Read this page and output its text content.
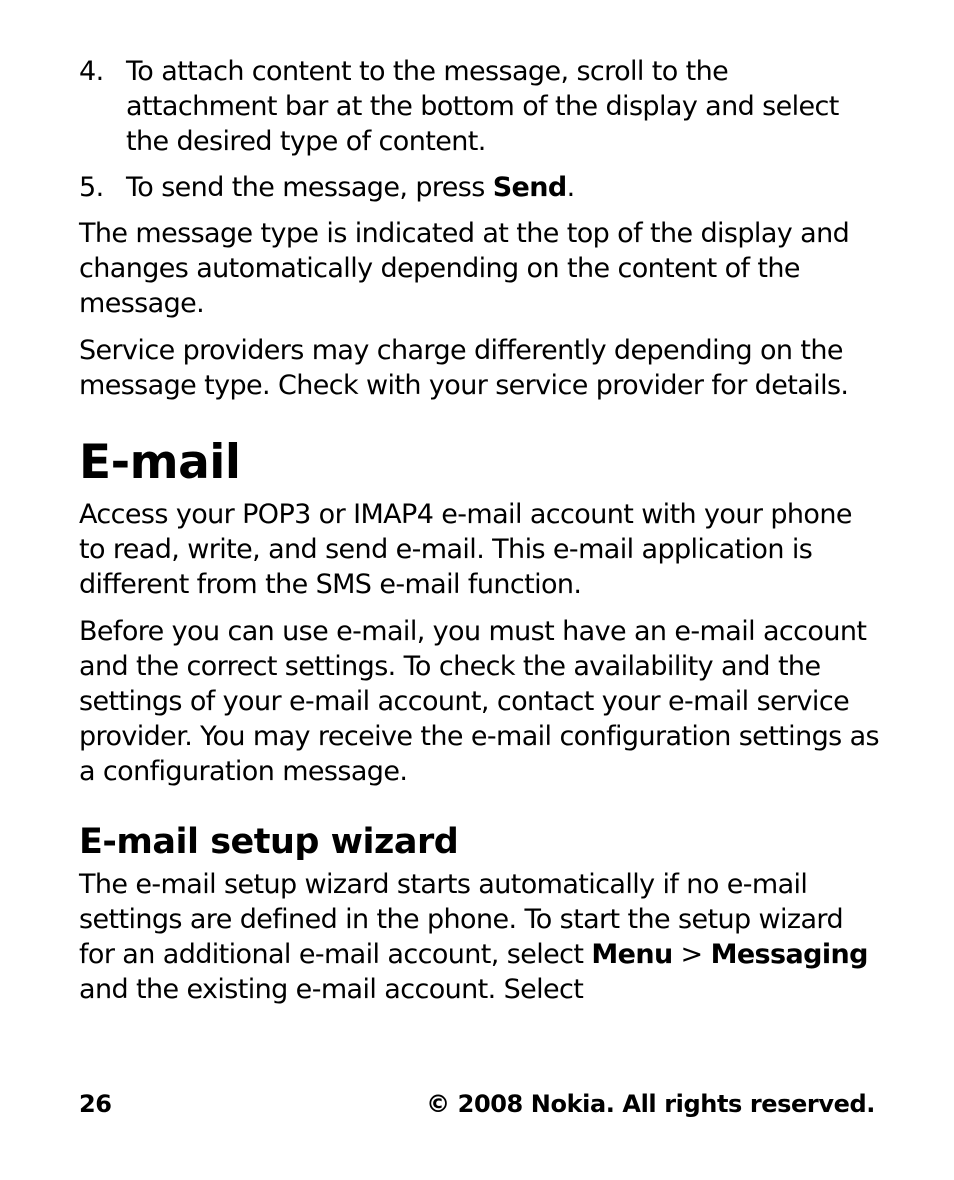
4. To attach content to the message, scroll to the attachment bar at the bottom of the display and select the desired type of content.
5. To send the message, press Send.

The message type is indicated at the top of the display and changes automatically depending on the content of the message.

Service providers may charge differently depending on the message type. Check with your service provider for details.

E-mail

Access your POP3 or IMAP4 e-mail account with your phone to read, write, and send e-mail. This e-mail application is different from the SMS e-mail function.

Before you can use e-mail, you must have an e-mail account and the correct settings. To check the availability and the settings of your e-mail account, contact your e-mail service provider. You may receive the e-mail configuration settings as a configuration message.

E-mail setup wizard

The e-mail setup wizard starts automatically if no e-mail settings are defined in the phone. To start the setup wizard for an additional e-mail account, select Menu > Messaging and the existing e-mail account. Select

26	© 2008 Nokia. All rights reserved.
